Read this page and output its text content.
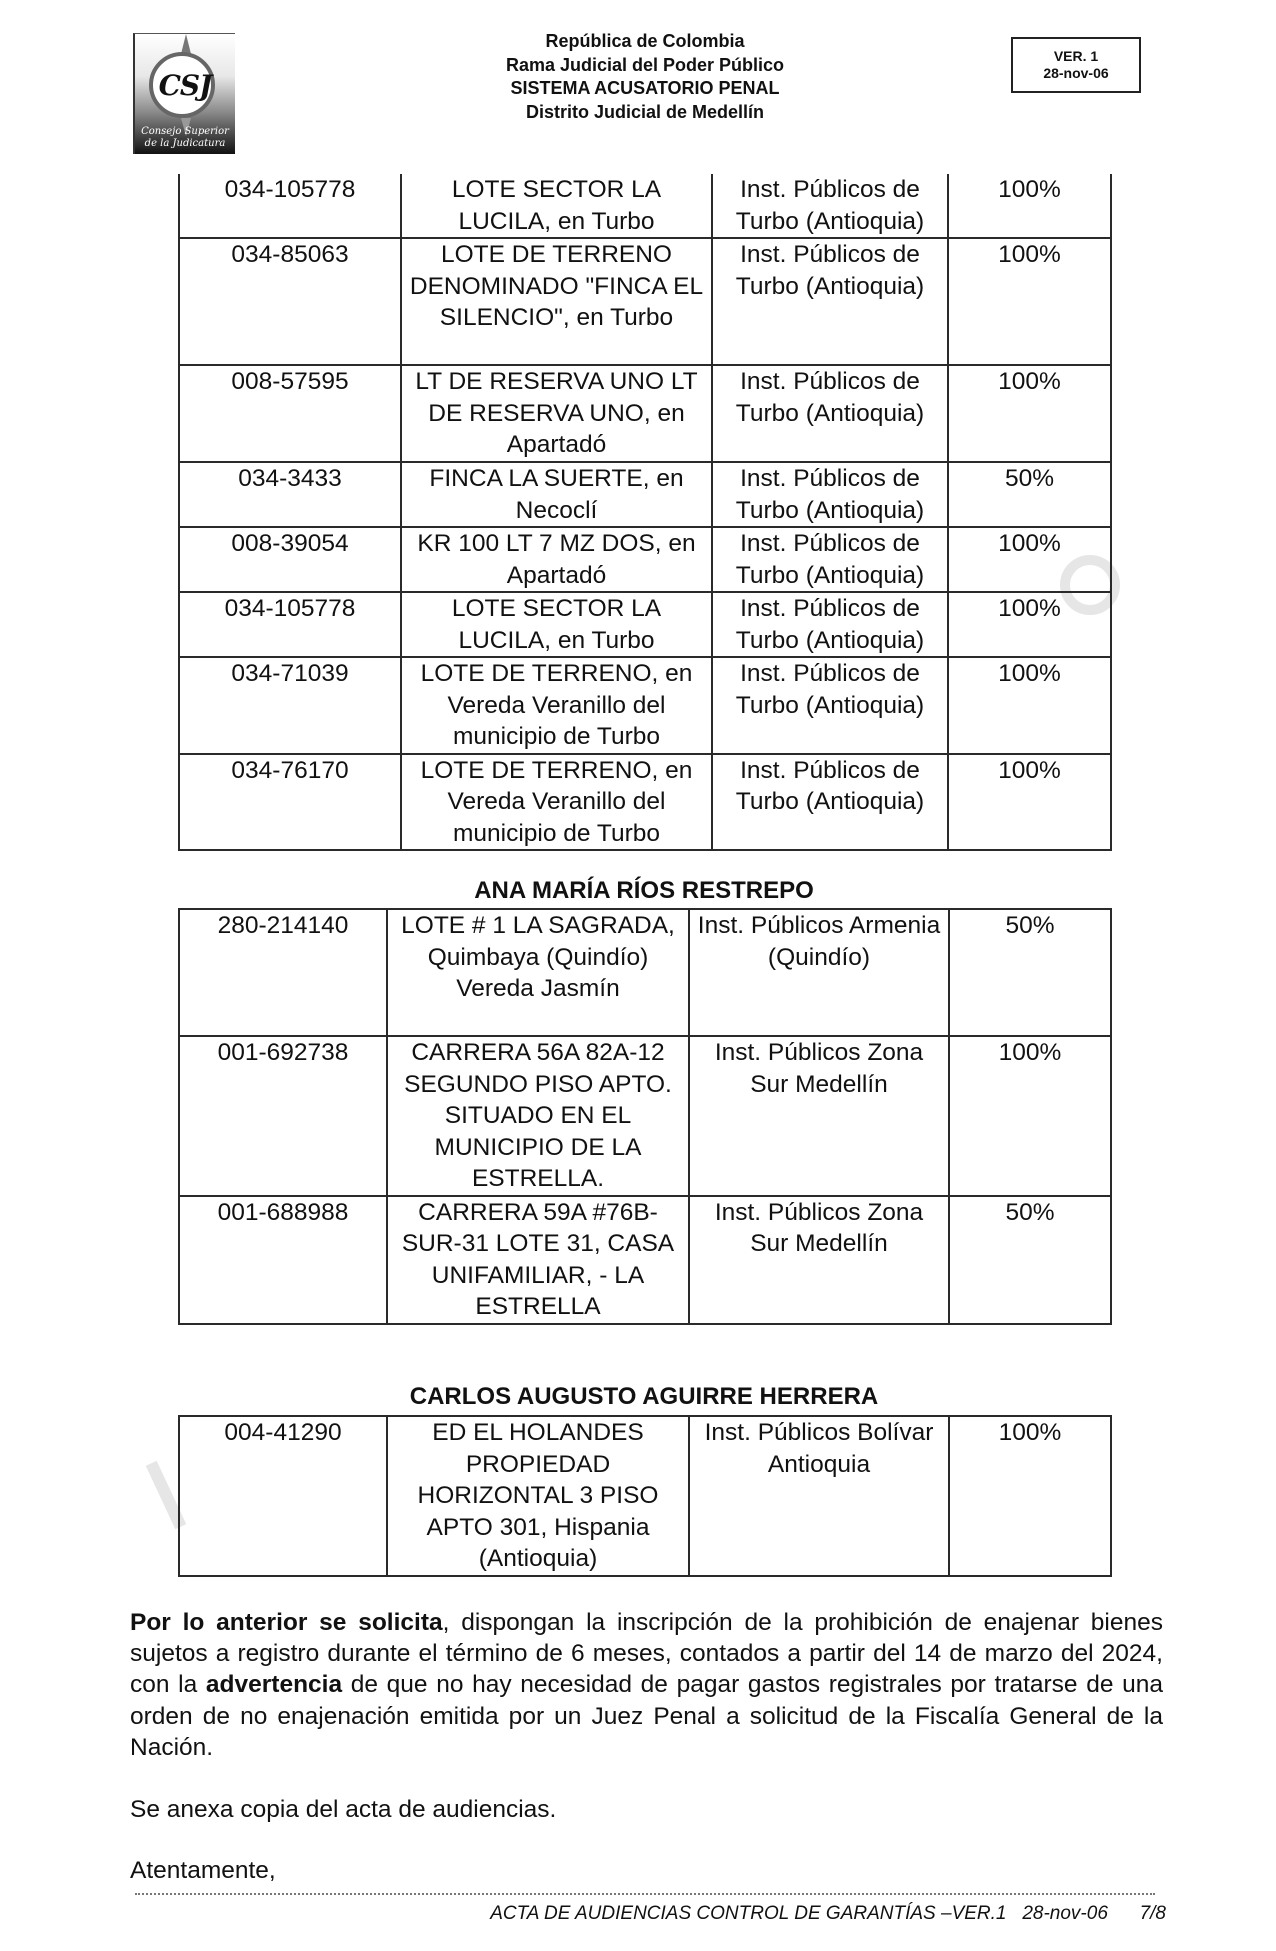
CSJ
Consejo Superior
de la Judicatura
República de Colombia
Rama Judicial del Poder Público
SISTEMA ACUSATORIO PENAL
Distrito Judicial de Medellín
VER. 1
28-nov-06
034-105778	LOTE SECTOR LA LUCILA, en Turbo	Inst. Públicos de Turbo (Antioquia)	100%
034-85063	LOTE DE TERRENO DENOMINADO "FINCA EL SILENCIO", en Turbo	Inst. Públicos de Turbo (Antioquia)	100%
008-57595	LT DE RESERVA UNO LT DE RESERVA UNO, en Apartadó	Inst. Públicos de Turbo (Antioquia)	100%
034-3433	FINCA LA SUERTE, en Necoclí	Inst. Públicos de Turbo (Antioquia)	50%
008-39054	KR 100 LT 7 MZ DOS, en Apartadó	Inst. Públicos de Turbo (Antioquia)	100%
034-105778	LOTE SECTOR LA LUCILA, en Turbo	Inst. Públicos de Turbo (Antioquia)	100%
034-71039	LOTE DE TERRENO, en Vereda Veranillo del municipio de Turbo	Inst. Públicos de Turbo (Antioquia)	100%
034-76170	LOTE DE TERRENO, en Vereda Veranillo del municipio de Turbo	Inst. Públicos de Turbo (Antioquia)	100%
ANA MARÍA RÍOS RESTREPO
280-214140	LOTE # 1 LA SAGRADA, Quimbaya (Quindío) Vereda Jasmín	Inst. Públicos Armenia (Quindío)	50%
001-692738	CARRERA 56A 82A-12 SEGUNDO PISO APTO. SITUADO EN EL MUNICIPIO DE LA ESTRELLA.	Inst. Públicos Zona Sur Medellín	100%
001-688988	CARRERA 59A #76B-SUR-31 LOTE 31, CASA UNIFAMILIAR, - LA ESTRELLA	Inst. Públicos Zona Sur Medellín	50%
CARLOS AUGUSTO AGUIRRE HERRERA
004-41290	ED EL HOLANDES PROPIEDAD HORIZONTAL 3 PISO APTO 301, Hispania (Antioquia)	Inst. Públicos Bolívar Antioquia	100%
Por lo anterior se solicita, dispongan la inscripción de la prohibición de enajenar bienes sujetos a registro durante el término de 6 meses, contados a partir del 14 de marzo del 2024, con la advertencia de que no hay necesidad de pagar gastos registrales por tratarse de una orden de no enajenación emitida por un Juez Penal a solicitud de la Fiscalía General de la Nación.
Se anexa copia del acta de audiencias.
Atentamente,
ACTA DE AUDIENCIAS CONTROL DE GARANTÍAS –VER.1 28-nov-06 7/8
